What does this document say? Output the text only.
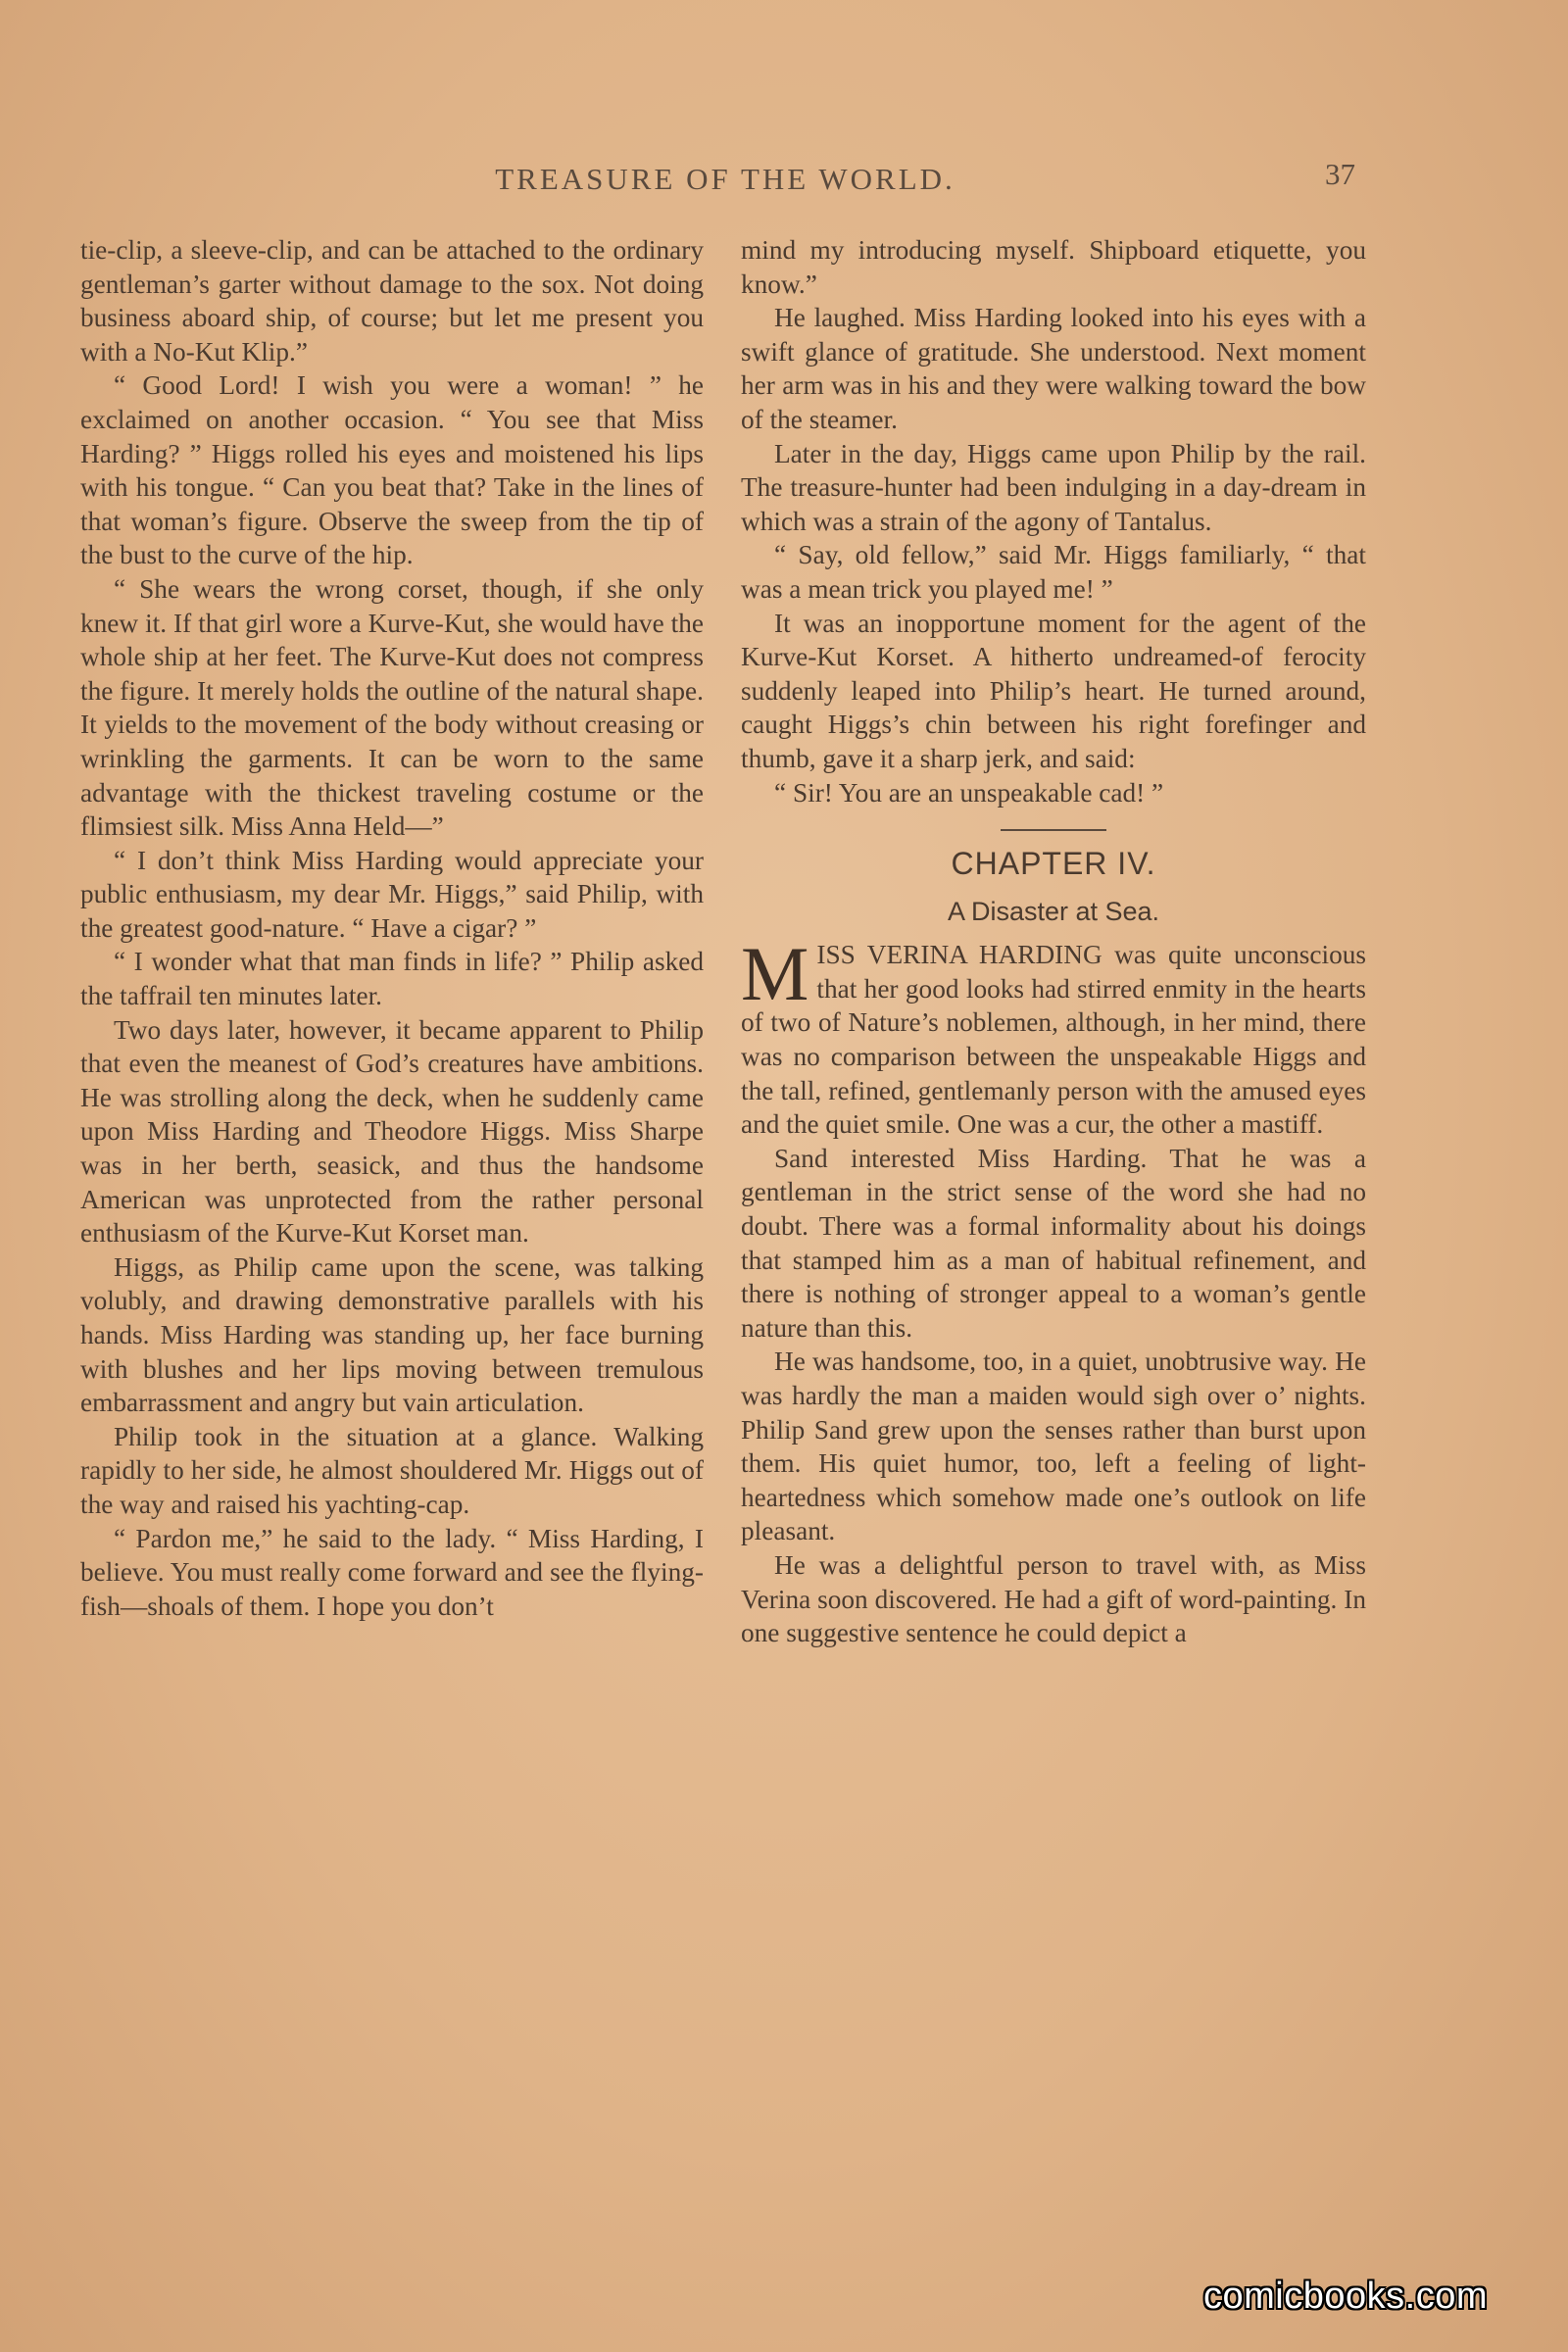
TREASURE OF THE WORLD.	37

tie-clip, a sleeve-clip, and can be attached to the ordinary gentleman’s garter without damage to the sox. Not doing business aboard ship, of course; but let me present you with a No-Kut Klip.”

“ Good Lord! I wish you were a woman! ” he exclaimed on another occasion. “ You see that Miss Harding? ” Higgs rolled his eyes and moistened his lips with his tongue. “ Can you beat that? Take in the lines of that woman’s figure. Observe the sweep from the tip of the bust to the curve of the hip.

“ She wears the wrong corset, though, if she only knew it. If that girl wore a Kurve-Kut, she would have the whole ship at her feet. The Kurve-Kut does not compress the figure. It merely holds the outline of the natural shape. It yields to the movement of the body without creasing or wrinkling the garments. It can be worn to the same advantage with the thickest traveling costume or the flimsiest silk. Miss Anna Held—”

“ I don’t think Miss Harding would appreciate your public enthusiasm, my dear Mr. Higgs,” said Philip, with the greatest good-nature. “ Have a cigar? ”

“ I wonder what that man finds in life? ” Philip asked the taffrail ten minutes later.

Two days later, however, it became apparent to Philip that even the meanest of God’s creatures have ambitions. He was strolling along the deck, when he suddenly came upon Miss Harding and Theodore Higgs. Miss Sharpe was in her berth, seasick, and thus the handsome American was unprotected from the rather personal enthusiasm of the Kurve-Kut Korset man.

Higgs, as Philip came upon the scene, was talking volubly, and drawing demonstrative parallels with his hands. Miss Harding was standing up, her face burning with blushes and her lips moving between tremulous embarrassment and angry but vain articulation.

Philip took in the situation at a glance. Walking rapidly to her side, he almost shouldered Mr. Higgs out of the way and raised his yachting-cap.

“ Pardon me,” he said to the lady. “ Miss Harding, I believe. You must really come forward and see the flying-fish—shoals of them. I hope you don’t

mind my introducing myself. Shipboard etiquette, you know.”

He laughed. Miss Harding looked into his eyes with a swift glance of gratitude. She understood. Next moment her arm was in his and they were walking toward the bow of the steamer.

Later in the day, Higgs came upon Philip by the rail. The treasure-hunter had been indulging in a day-dream in which was a strain of the agony of Tantalus.

“ Say, old fellow,” said Mr. Higgs familiarly, “ that was a mean trick you played me! ”

It was an inopportune moment for the agent of the Kurve-Kut Korset. A hitherto undreamed-of ferocity suddenly leaped into Philip’s heart. He turned around, caught Higgs’s chin between his right forefinger and thumb, gave it a sharp jerk, and said:

“ Sir! You are an unspeakable cad! ”

CHAPTER IV.
A Disaster at Sea.

MISS VERINA HARDING was quite unconscious that her good looks had stirred enmity in the hearts of two of Nature’s noblemen, although, in her mind, there was no comparison between the unspeakable Higgs and the tall, refined, gentlemanly person with the amused eyes and the quiet smile. One was a cur, the other a mastiff.

Sand interested Miss Harding. That he was a gentleman in the strict sense of the word she had no doubt. There was a formal informality about his doings that stamped him as a man of habitual refinement, and there is nothing of stronger appeal to a woman’s gentle nature than this.

He was handsome, too, in a quiet, unobtrusive way. He was hardly the man a maiden would sigh over o’ nights. Philip Sand grew upon the senses rather than burst upon them. His quiet humor, too, left a feeling of light-heartedness which somehow made one’s outlook on life pleasant.

He was a delightful person to travel with, as Miss Verina soon discovered. He had a gift of word-painting. In one suggestive sentence he could depict a

comicbooks.com
